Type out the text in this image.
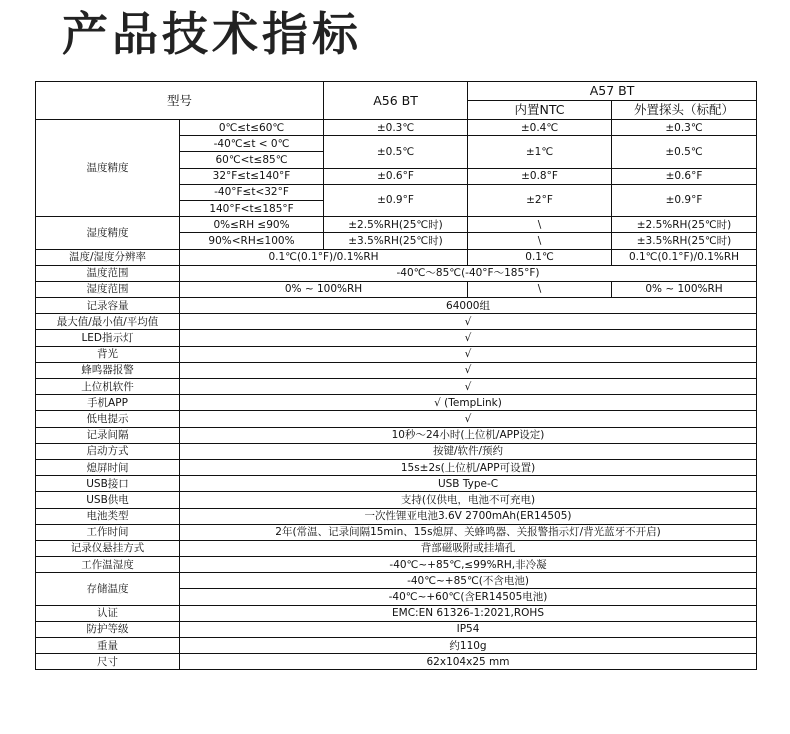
产品技术指标
型号		A56 BT	A57 BT	
			内置NTC	外置探头（标配）
温度精度	0℃≤t≤60℃	±0.3℃	±0.4℃	±0.3℃
	-40℃≤t < 0℃	±0.5℃	±1℃	±0.5℃
	60℃<t≤85℃			
	32°F≤t≤140°F	±0.6°F	±0.8°F	±0.6°F
	-40°F≤t<32°F	±0.9°F	±2°F	±0.9°F
	140°F<t≤185°F			
湿度精度	0%≤RH ≤90%	±2.5%RH(25℃时)	\	±2.5%RH(25℃时)
	90%<RH≤100%	±3.5%RH(25℃时)	\	±3.5%RH(25℃时)
温度/湿度分辨率	0.1℃(0.1°F)/0.1%RH		0.1℃	0.1℃(0.1°F)/0.1%RH
温度范围	-40℃～85℃(-40°F～185°F)			
湿度范围	0% ~ 100%RH		\	0% ~ 100%RH
记录容量	64000组			
最大值/最小值/平均值	√			
LED指示灯	√			
背光	√			
蜂鸣器报警	√			
上位机软件	√			
手机APP	√ (TempLink)			
低电提示	√			
记录间隔	10秒～24小时(上位机/APP设定)			
启动方式	按键/软件/预约			
熄屏时间	15s±2s(上位机/APP可设置)			
USB接口	USB Type-C			
USB供电	支持(仅供电，电池不可充电)			
电池类型	一次性锂亚电池3.6V 2700mAh(ER14505)			
工作时间	2年(常温、记录间隔15min、15s熄屏、关蜂鸣器、关报警指示灯/背光蓝牙不开启)			
记录仪悬挂方式	背部磁吸附或挂墙孔			
工作温湿度	-40℃~+85℃,≤99%RH,非冷凝			
存储温度	-40℃~+85℃(不含电池)			
	-40℃~+60℃(含ER14505电池)			
认证	EMC:EN 61326-1:2021,ROHS			
防护等级	IP54			
重量	约110g			
尺寸	62x104x25 mm			
